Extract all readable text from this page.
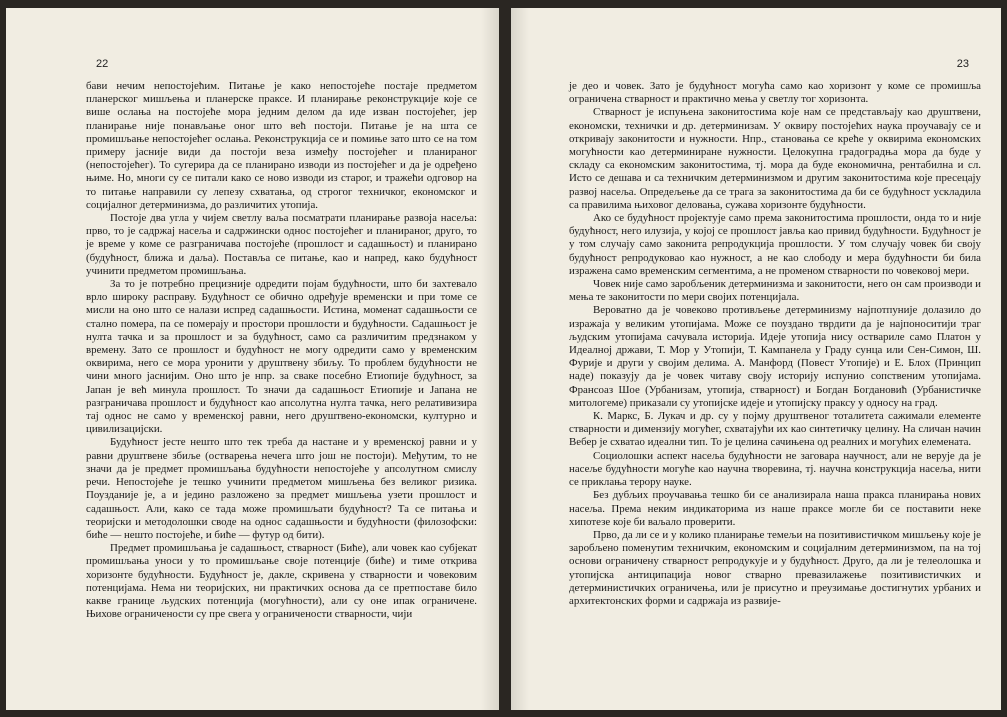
22

бави нечим непостојећим. Питање је како непостојеће постаје предметом планерског мишљења и планерске праксе. И планирање реконструкције које се више ослања на постојеће мора једним делом да иде изван постојећег, јер планирање није понављање оног што већ постоји. Питање је на шта се промишљање непостојећег ослања. Реконструкција се и помиње зато што се на том примеру јасније види да постоји веза између постојећег и планираног (непостојећег). То сугерира да се планирано изводи из постојећег и да је одређено њиме. Но, многи су се питали како се ново изводи из старог, и тражећи одговор на то питање направили су лепезу схватања, од строгог техничког, економског и социјалног детерминизма, до различитих утопија.

Постоје два угла у чијем светлу ваља посматрати планирање развоја насеља: прво, то је садржај насеља и садржински однос постојећег и планираног, друго, то је време у коме се разграничава постојеће (прошлост и садашњост) и планирано (будућност, ближа и даља). Постављa се питање, као и напред, како будућност учинити предметом промишљања.

За то је потребно прецизније одредити појам будућности, што би захтевало врло широку расправу. Будућност се обично одређује временски и при томе се мисли на оно што се налази испред садашњости. Истина, моменат садашњости се стално помера, па се померају и простори прошлости и будућности. Садашњост је нулта тачка и за прошлост и за будућност, само са различитим предзнаком у времену. Зато се прошлост и будућност не могу одредити само у временским оквирима, него се мора уронити у друштвену збиљу. То проблем будућности не чини много јаснијим. Оно што је нпр. за сваке посебно Етиопије будућност, за Јапан је већ минула прошлост. То значи да садашњост Етиопије и Јапана не разграничава прошлост и будућност као апсолутна нулта тачка, него релативизира тај однос не само у временској равни, него друштвено-економски, културно и цивилизацијски.

Будућност јесте нешто што тек треба да настане и у временској равни и у равни друштвене збиље (остварења нечега што још не постоји). Међутим, то не значи да је предмет промишљања будућности непостојеће у апсолутном смислу речи. Непостојеће је тешко учинити предметом мишљења без великог ризика. Поузданије је, а и једино разложено за предмет мишљења узети прошлост и садашњост. Али, како се тада може промишљати будућност? Та се питања и теоријски и методолошки своде на однос садашњости и будућности (филозофски: биће — нешто постојеће, и биће — футур од бити).

Предмет промишљања је садашњост, стварност (Биће), али човек као субјекат промишљања уноси у то промишљање своје потенције (биће) и тиме открива хоризонте будућности. Будућност је, дакле, скривена у стварности и човековим потенцијама. Нема ни теоријских, ни практичких основа да се претпоставе било какве границе људских потенција (могућности), али су оне ипак ограничене. Њихове ограничености су пре свега у ограничености стварности, чији

23

је део и човек. Зато је будућност могућа само као хоризонт у коме се промишља ограничена стварност и практично мења у светлу тог хоризонта.

Стварност је испуњена законитостима које нам се представљају као друштвени, економски, технички и др. детерминизам. У оквиру постојећих наука проучавају се и откривају законитости и нужности. Нпр., становања се креће у оквирима економских могућности као детерминиране нужности. Целокупна градоградња мора да буде у складу са економским законитостима, тј. мора да буде економична, рентабилна и сл. Исто се дешава и са техничким детерминизмом и другим законитостима које пресецају развој насеља. Опредељење да се трага за законитостима да би се будућност ускладила са правилима њиховог деловања, сужава хоризонте будућности.

Ако се будућност пројектује само према законитостима прошлости, онда то и није будућност, него илузија, у којој се прошлост јавља као привид будућности. Будућност је у том случају само законита репродукција прошлости. У том случају човек би своју будућност репродуковао као нужност, а не као слободу и мера будућности би била изражена само временским сегментима, а не променом стварности по човековој мери.

Човек није само заробљеник детерминизма и законитости, него он сам производи и мења те законитости по мери својих потенцијала.

Вероватно да је човеково противљење детерминизму најпотпуније долазило до изражаја у великим утопијама. Може се поуздано тврдити да је најпоноситији траг људским утопијама сачувала историја. Идеје утопија нису оствариле само Платон у Идеалној држави, Т. Мор у Утопији, Т. Кампанела у Граду сунца или Сен-Симон, Ш. Фурије и други у својим делима. А. Манфорд (Повест Утопије) и Е. Блох (Принцип наде) показују да је човек читаву своју историју испунио сопственим утопијама. Франсоаз Шое (Урбанизам, утопија, стварност) и Богдан Богдановић (Урбанистичке митологеме) приказали су утопијске идеје и утопијску праксу у односу на град.

К. Маркс, Б. Лукач и др. су у појму друштвеног тоталитета сажимали елементе стварности и димензију могућег, схватајући их као синтетичку целину. На сличан начин Вебер је схватао идеални тип. То је целина сачињена од реалних и могућих елемената.

Социолошки аспект насеља будућности не заговара научност, али не верује да је насеље будућности могуће као научна творевина, тј. научна конструкција насеља, нити се приклања терору науке.

Без дубљих проучавања тешко би се анализирала наша пракса планирања нових насеља. Према неким индикаторима из наше праксе могле би се поставити неке хипотезе које би ваљало проверити.

Прво, да ли се и у колико планирање темељи на позитивистичком мишљењу које је заробљено поменутим техничким, економским и социјалним детерминизмом, па на тој основи ограничену стварност репродукује и у будућност. Друго, да ли је телеолошка и утопијска антиципација новог стварно превазилажење позитивистичких и детерминистичких ограничења, или је присутно и преузимање достигнутих урбаних и архитектонских форми и садржаја из развије-
